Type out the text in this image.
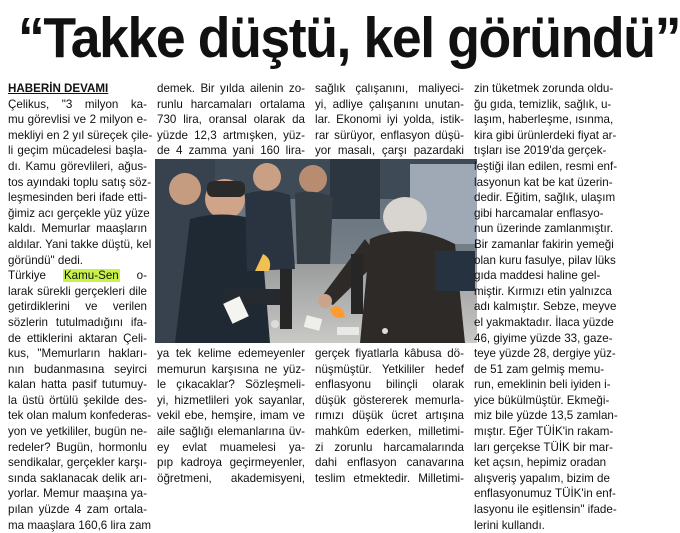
“Takke düştü, kel göründü”
HABERİN DEVAMI
Çelikus, "3 milyon ka-
mu görevlisi ve 2 milyon e-
mekliyi en 2 yıl süreçek çile-
li geçim mücadelesi başla-
dı. Kamu görevlileri, ağus-
tos ayındaki toplu satış söz-
leşmesinden beri ifade etti-
ğimiz acı gerçekle yüz yüze
kaldı. Memurlar maaşların
aldılar. Yani takke düştü, kel
göründü" dedi.
Türkiye Kamu-Sen o-
larak sürekli gerçekleri dile
getirdiklerini ve verilen
sözlerin tutulmadığını ifa-
de ettiklerini aktaran Çeli-
kus, "Memurların hakları-
nın budanmasına seyirci
kalan hatta pasif tutumuy-
la üstü örtülü şekilde des-
tek olan malum konfederas-
yon ve yetkililer, bugün ne-
redeler? Bugün, hormonlu
sendikalar, gerçekler karşı-
sında saklanacak delik arı-
yorlar. Memur maaşına ya-
pılan yüzde 4 zam ortala-
ma maaşlara 160,6 lira zam
demek. Bir yılda ailenin zo-
runlu harcamaları ortalama
730 lira, oransal olarak da
yüzde 12,3 artmışken, yüz-
de 4 zamma yani 160 lira-
sağlık çalışanını, maliyeci-
yi, adliye çalışanını unutan-
lar. Ekonomi iyi yolda, istik-
rar sürüyor, enflasyon düşü-
yor masalı, çarşı pazardaki
ya tek kelime edemeyenler
memurun karşısına ne yüz-
le çıkacaklar? Sözleşmeli-
yi, hizmetlileri yok sayanlar,
vekil ebe, hemşire, imam ve
aile sağlığı elemanlarına üv-
ey evlat muamelesi ya-
pıp kadroya geçirmeyenler,
öğretmeni, akademisyeni,
gerçek fiyatlarla kâbusa dö-
nüşmüştür. Yetkililer hedef
enflasyonu bilinçli olarak
düşük göstererek memurla-
rımızı düşük ücret artışına
mahkûm ederken, milletimi-
zi zorunlu harcamalarında
dahi enflasyon canavarına
teslim etmektedir. Milletimi-
zin tüketmek zorunda oldu-
ğu gıda, temizlik, sağlık, u-
laşım, haberleşme, ısınma,
kira gibi ürünlerdeki fiyat ar-
tışları ise 2019'da gerçek-
leştiği ilan edilen, resmi enf-
lasyonun kat be kat üzerin-
dedir. Eğitim, sağlık, ulaşım
gibi harcamalar enflasyo-
nun üzerinde zamlanmıştır.
Bir zamanlar fakirin yemeği
olan kuru fasulye, pilav lüks
gıda maddesi haline gel-
miştir. Kırmızı etin yalnızca
adı kalmıştır. Sebze, meyve
el yakmaktadır. İlaca yüzde
46, giyime yüzde 33, gaze-
teye yüzde 28, dergiye yüz-
de 51 zam gelmiş memu-
run, emeklinin beli iyiden i-
yice bükülmüştür. Ekmeği-
miz bile yüzde 13,5 zamlan-
mıştır. Eğer TÜİK'in rakam-
ları gerçekse TÜİK bir mar-
ket açsın, hepimiz oradan
alışveriş yapalım, bizim de
enflasyonumuz TÜİK'in enf-
lasyonu ile eşitlensin" ifade-
lerini kullandı.
